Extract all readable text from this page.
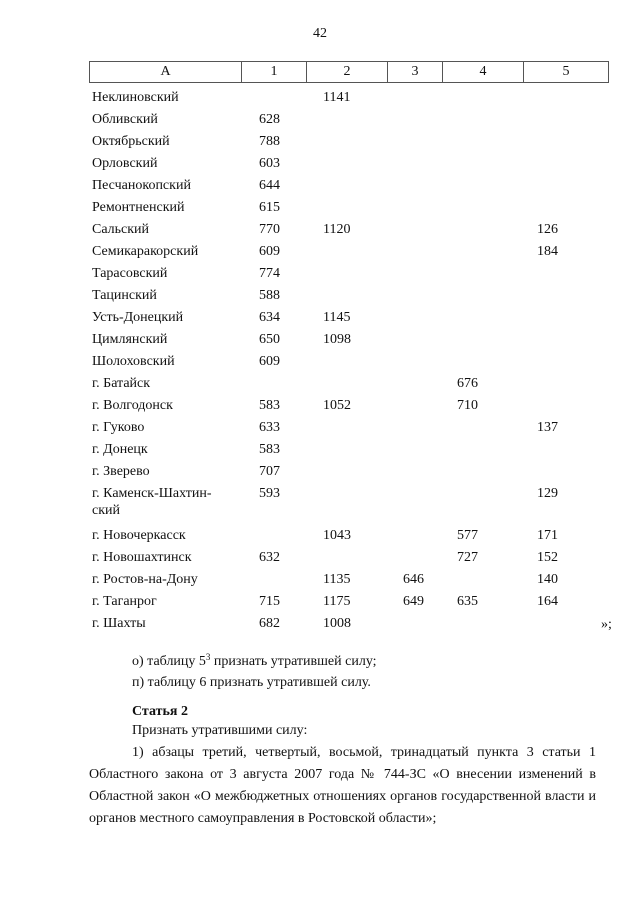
42
А	1	2	3	4	5
Неклиновский		1141			
Обливский	628				
Октябрьский	788				
Орловский	603				
Песчанокопский	644				
Ремонтненский	615				
Сальский	770	1120			126
Семикаракорский	609				184
Тарасовский	774				
Тацинский	588				
Усть-Донецкий	634	1145			
Цимлянский	650	1098			
Шолоховский	609				
г. Батайск				676	
г. Волгодонск	583	1052		710	
г. Гуково	633				137
г. Донецк	583				
г. Зверево	707				
г. Каменск-Шахтин-
ский	593				129
г. Новочеркасск		1043		577	171
г. Новошахтинск	632			727	152
г. Ростов-на-Дону		1135	646		140
г. Таганрог	715	1175	649	635	164
г. Шахты	682	1008				»;
о) таблицу $5^3$ признать утратившей силу;
п) таблицу 6 признать утратившей силу.
Статья 2
Признать утратившими силу:
1) абзацы третий, четвертый, восьмой, тринадцатый пункта 3 статьи 1 Областного закона от 3 августа 2007 года № 744-ЗС «О внесении изменений в Областной закон «О межбюджетных отношениях органов государственной власти и органов местного самоуправления в Ростовской области»;
